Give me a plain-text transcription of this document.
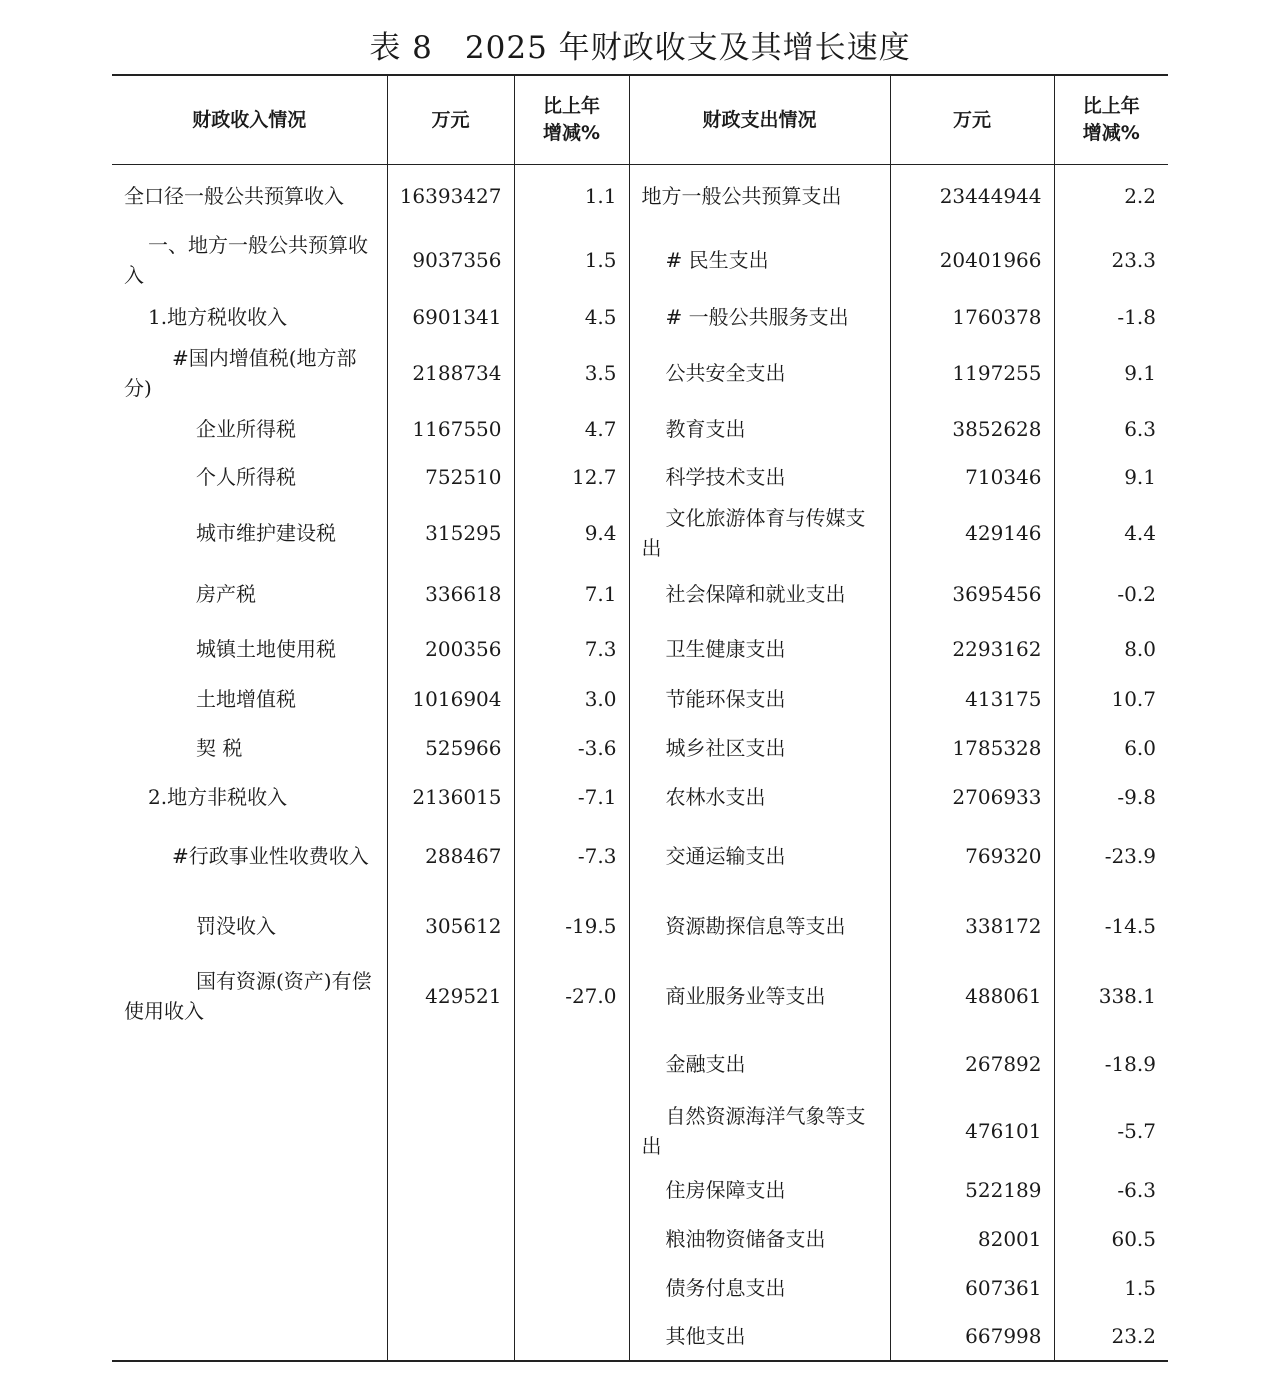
表 8　2025 年财政收支及其增长速度
财政收入情况	万元	比上年增减%	财政支出情况	万元	比上年增减%
全口径一般公共预算收入	16393427	1.1	地方一般公共预算支出	23444944	2.2
一、地方一般公共预算收入	9037356	1.5	# 民生支出	20401966	23.3
1.地方税收收入	6901341	4.5	# 一般公共服务支出	1760378	-1.8
#国内增值税(地方部分)	2188734	3.5	公共安全支出	1197255	9.1
企业所得税	1167550	4.7	教育支出	3852628	6.3
个人所得税	752510	12.7	科学技术支出	710346	9.1
城市维护建设税	315295	9.4	文化旅游体育与传媒支出	429146	4.4
房产税	336618	7.1	社会保障和就业支出	3695456	-0.2
城镇土地使用税	200356	7.3	卫生健康支出	2293162	8.0
土地增值税	1016904	3.0	节能环保支出	413175	10.7
契 税	525966	-3.6	城乡社区支出	1785328	6.0
2.地方非税收入	2136015	-7.1	农林水支出	2706933	-9.8
#行政事业性收费收入	288467	-7.3	交通运输支出	769320	-23.9
罚没收入	305612	-19.5	资源勘探信息等支出	338172	-14.5
国有资源(资产)有偿使用收入	429521	-27.0	商业服务业等支出	488061	338.1
			金融支出	267892	-18.9
			自然资源海洋气象等支出	476101	-5.7
			住房保障支出	522189	-6.3
			粮油物资储备支出	82001	60.5
			债务付息支出	607361	1.5
			其他支出	667998	23.2
